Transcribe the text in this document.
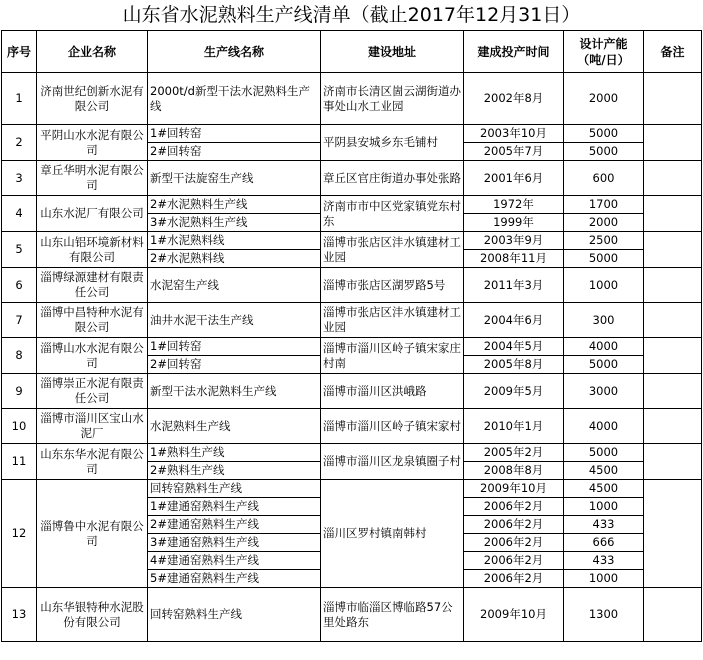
山东省水泥熟料生产线清单（截止2017年12月31日）
序号	企业名称	生产线名称	建设地址	建成投产时间	设计产能（吨/日）	备注
1	济南世纪创新水泥有限公司	2000t/d新型干法水泥熟料生产线	济南市长清区崮云湖街道办事处山水工业园	2002年8月	2000	
2	平阴山水水泥有限公司	1#回转窑	平阴县安城乡东毛铺村	2003年10月	5000	
		2#回转窑		2005年7月	5000	
3	章丘华明水泥有限公司	新型干法旋窑生产线	章丘区官庄街道办事处张路	2001年6月	600	
4	山东水泥厂有限公司	2#水泥熟料生产线	济南市市中区党家镇党东村东	1972年	1700	
		3#水泥熟料生产线		1999年	2000	
5	山东山铝环境新材料有限公司	1#水泥熟料线	淄博市张店区沣水镇建材工业园	2003年9月	2500	
		2#水泥熟料线		2008年11月	5000	
6	淄博绿源建材有限责任公司	水泥窑生产线	淄博市张店区湖罗路5号	2011年3月	1000	
7	淄博中昌特种水泥有限公司	油井水泥干法生产线	淄博市张店区沣水镇建材工业园	2004年6月	300	
8	淄博山水水泥有限公司	1#回转窑	淄博市淄川区岭子镇宋家庄村南	2004年5月	4000	
		2#回转窑		2005年8月	5000	
9	淄博崇正水泥有限责任公司	新型干法水泥熟料生产线	淄博市淄川区洪峨路	2009年5月	3000	
10	淄博市淄川区宝山水泥厂	水泥熟料生产线	淄博市淄川区岭子镇宋家村	2010年1月	4000	
11	山东东华水泥有限公司	1#熟料生产线	淄博市淄川区龙泉镇圈子村	2005年2月	5000	
		2#熟料生产线		2008年8月	4500	
12	淄博鲁中水泥有限公司	回转窑熟料生产线	淄川区罗村镇南韩村	2009年10月	4500	
		1#建通窑熟料生产线		2006年2月	1000	
		2#建通窑熟料生产线		2006年2月	433	
		3#建通窑熟料生产线		2006年2月	666	
		4#建通窑熟料生产线		2006年2月	433	
		5#建通窑熟料生产线		2006年2月	1000	
13	山东华银特种水泥股份有限公司	回转窑熟料生产线	淄博市临淄区博临路57公里处路东	2009年10月	1300	
